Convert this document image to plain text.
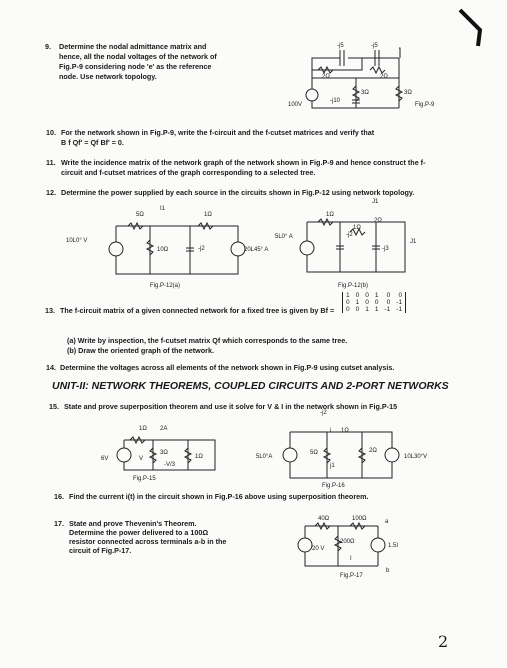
9. Determine the nodal admittance matrix and
hence, all the nodal voltages of the network of
Fig.P-9 considering node 'e' as the reference
node. Use network topology.
-j5	-j5
2Ω	2Ω
3Ω	3Ω
100V
-j10
Fig.P-9
10. For the network shown in Fig.P-9, write the f-circuit and the f-cutset matrices and verify that
B f Qf' = Qf Bf' = 0.
11. Write the incidence matrix of the network graph of the network shown in Fig.P-9 and hence construct the f-
circuit and f-cutset matrices of the graph corresponding to a selected tree.
12. Determine the power supplied by each source in the circuits shown in Fig.P-12 using network topology.
5Ω
I1
1Ω
10L0° V
10Ω	-j2	20L45° A
Fig.P-12(a)
1Ω
J1
1Ω
2Ω
5L0° A	-j2
-j3
J1
Fig.P-12(b)
13. The f-circuit matrix of a given connected network for a fixed tree is given by Bf =
1	0	0	1	0	0
0	1	0	0	0	-1
0	0	1	1	-1	-1
(a) Write by inspection, the f-cutset matrix Qf which corresponds to the same tree.
(b) Draw the oriented graph of the network.
14. Determine the voltages across all elements of the network shown in Fig.P-9 using cutset analysis.
UNIT-II: NETWORK THEOREMS, COUPLED CIRCUITS AND 2-PORT NETWORKS
15. State and prove superposition theorem and use it solve for V & I in the network shown in Fig.P-15
1Ω 2A
6V	V
3Ω
-V/3
1Ω
Fig.P-15
-j2
i 1Ω
5L0°A
5Ω	2Ω
10L30°V
j1
Fig.P-16
16. Find the current i(t) in the circuit shown in Fig.P-16 above using superposition theorem.
17. State and prove Thevenin's Theorem.
Determine the power delivered to a 100Ω
resistor connected across terminals a-b in the
circuit of Fig.P-17.
40Ω	100Ω	a
200Ω
20 V
I
1.5I
b
Fig.P-17
2
